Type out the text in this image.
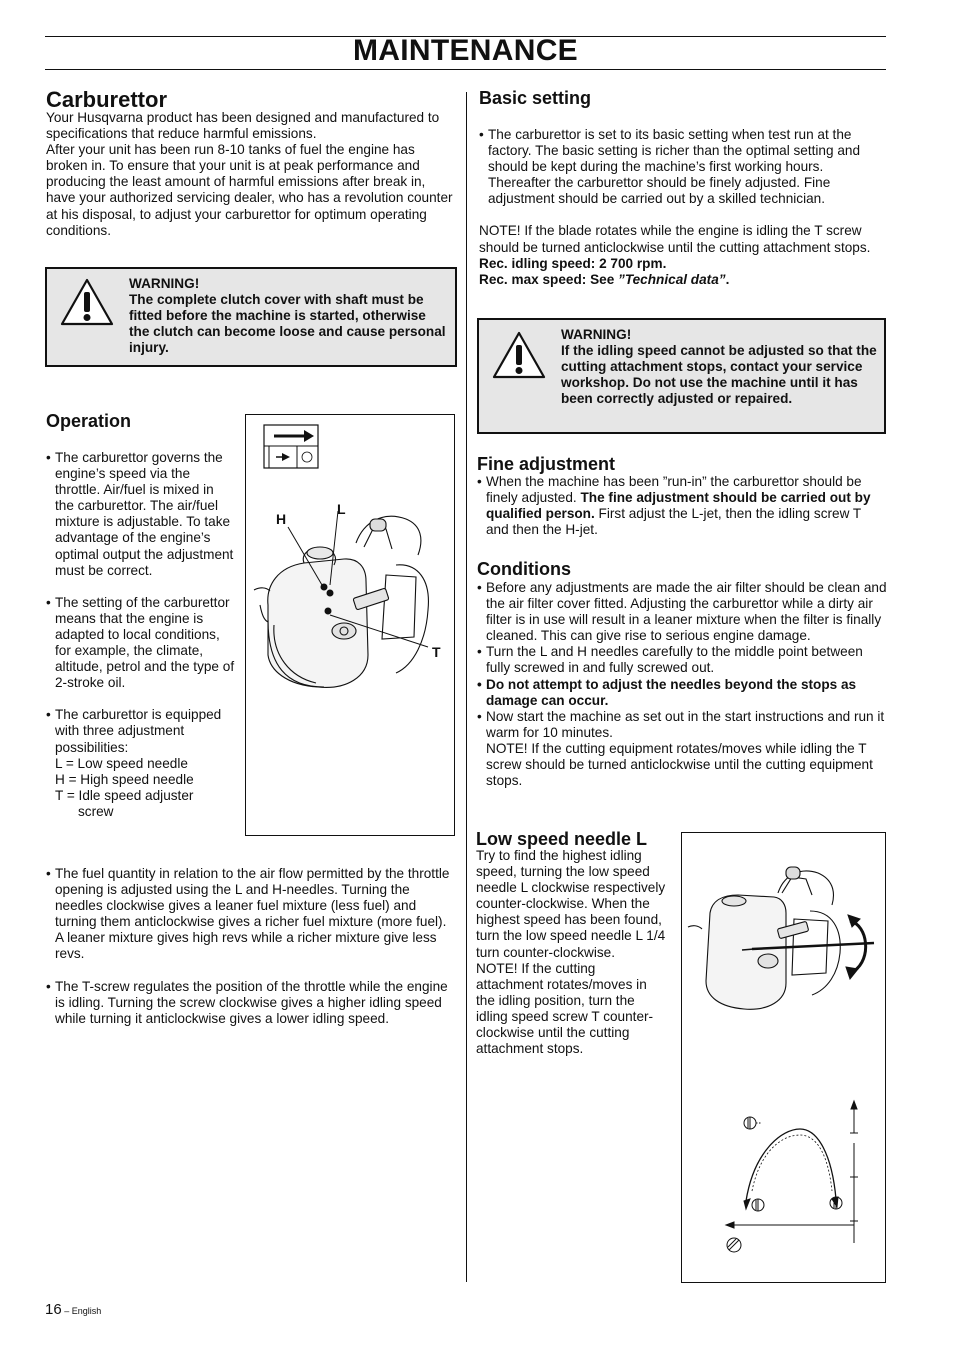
MAINTENANCE
Carburettor
Your Husqvarna product has been designed and manufactured to specifications that reduce harmful emissions.
After your unit has been run 8-10 tanks of fuel the engine has broken in. To ensure that your unit is at peak performance and producing the least amount of harmful emissions after break in, have your authorized servicing dealer, who has a revolution counter at his disposal, to adjust your carburettor for optimum operating conditions.
WARNING!
The complete clutch cover with shaft must be fitted before the machine is started, otherwise the clutch can become loose and cause personal injury.
Operation
• The carburettor governs the engine’s speed via the throttle. Air/fuel is mixed in the carburettor. The air/fuel mixture is adjustable. To take advantage of the engine’s optimal output the adjustment must be correct.
• The setting of the carburettor means that the engine is adapted to local conditions, for example, the climate, altitude, petrol and the type of 2-stroke oil.
• The carburettor is equipped with three adjustment possibilities:
L = Low speed needle
H = High speed needle
T = Idle speed adjuster
screw
H
L
T
• The fuel quantity in relation to the air flow permitted by the throttle opening is adjusted using the L and H-needles. Turning the needles clockwise gives a leaner fuel mixture (less fuel) and turning them anticlockwise gives a richer fuel mixture (more fuel). A leaner mixture gives high revs while a richer mixture give less revs.
• The T-screw regulates the position of the throttle while the engine is idling. Turning the screw clockwise gives a higher idling speed while turning it anticlockwise gives a lower idling speed.
Basic setting
• The carburettor is set to its basic setting when test run at the factory. The basic setting is richer than the optimal setting and should be kept during the machine’s first working hours. Thereafter the carburettor should be finely adjusted. Fine adjustment should be carried out by a skilled technician.
NOTE! If the blade rotates while the engine is idling the T screw should be turned anticlockwise until the cutting attachment stops.
Rec. idling speed: 2 700 rpm.
Rec. max speed: See ”Technical data”.
WARNING!
If the idling speed cannot be adjusted so that the cutting attachment stops, contact your service workshop. Do not use the machine until it has been correctly adjusted or repaired.
Fine adjustment
• When the machine has been ”run-in” the carburettor should be finely adjusted. The fine adjustment should be carried out by qualified person. First adjust the L-jet, then the idling screw T and then the H-jet.
Conditions
• Before any adjustments are made the air filter should be clean and the air filter cover fitted. Adjusting the carburettor while a dirty air filter is in use will result in a leaner mixture when the filter is finally cleaned. This can give rise to serious engine damage.
• Turn the L and H needles carefully to the middle point between fully screwed in and fully screwed out.
• Do not attempt to adjust the needles beyond the stops as damage can occur.
• Now start the machine as set out in the start instructions and run it warm for 10 minutes.
NOTE! If the cutting equipment rotates/moves while idling the T screw should be turned anticlockwise until the cutting equipment stops.
Low speed needle L
Try to find the highest idling speed, turning the low speed needle L clockwise respectively counter-clockwise. When the highest speed has been found, turn the low speed needle L 1/4 turn counter-clockwise.
NOTE! If the cutting attachment rotates/moves in the idling position, turn the idling speed screw T counter-clockwise until the cutting attachment stops.
16 – English
